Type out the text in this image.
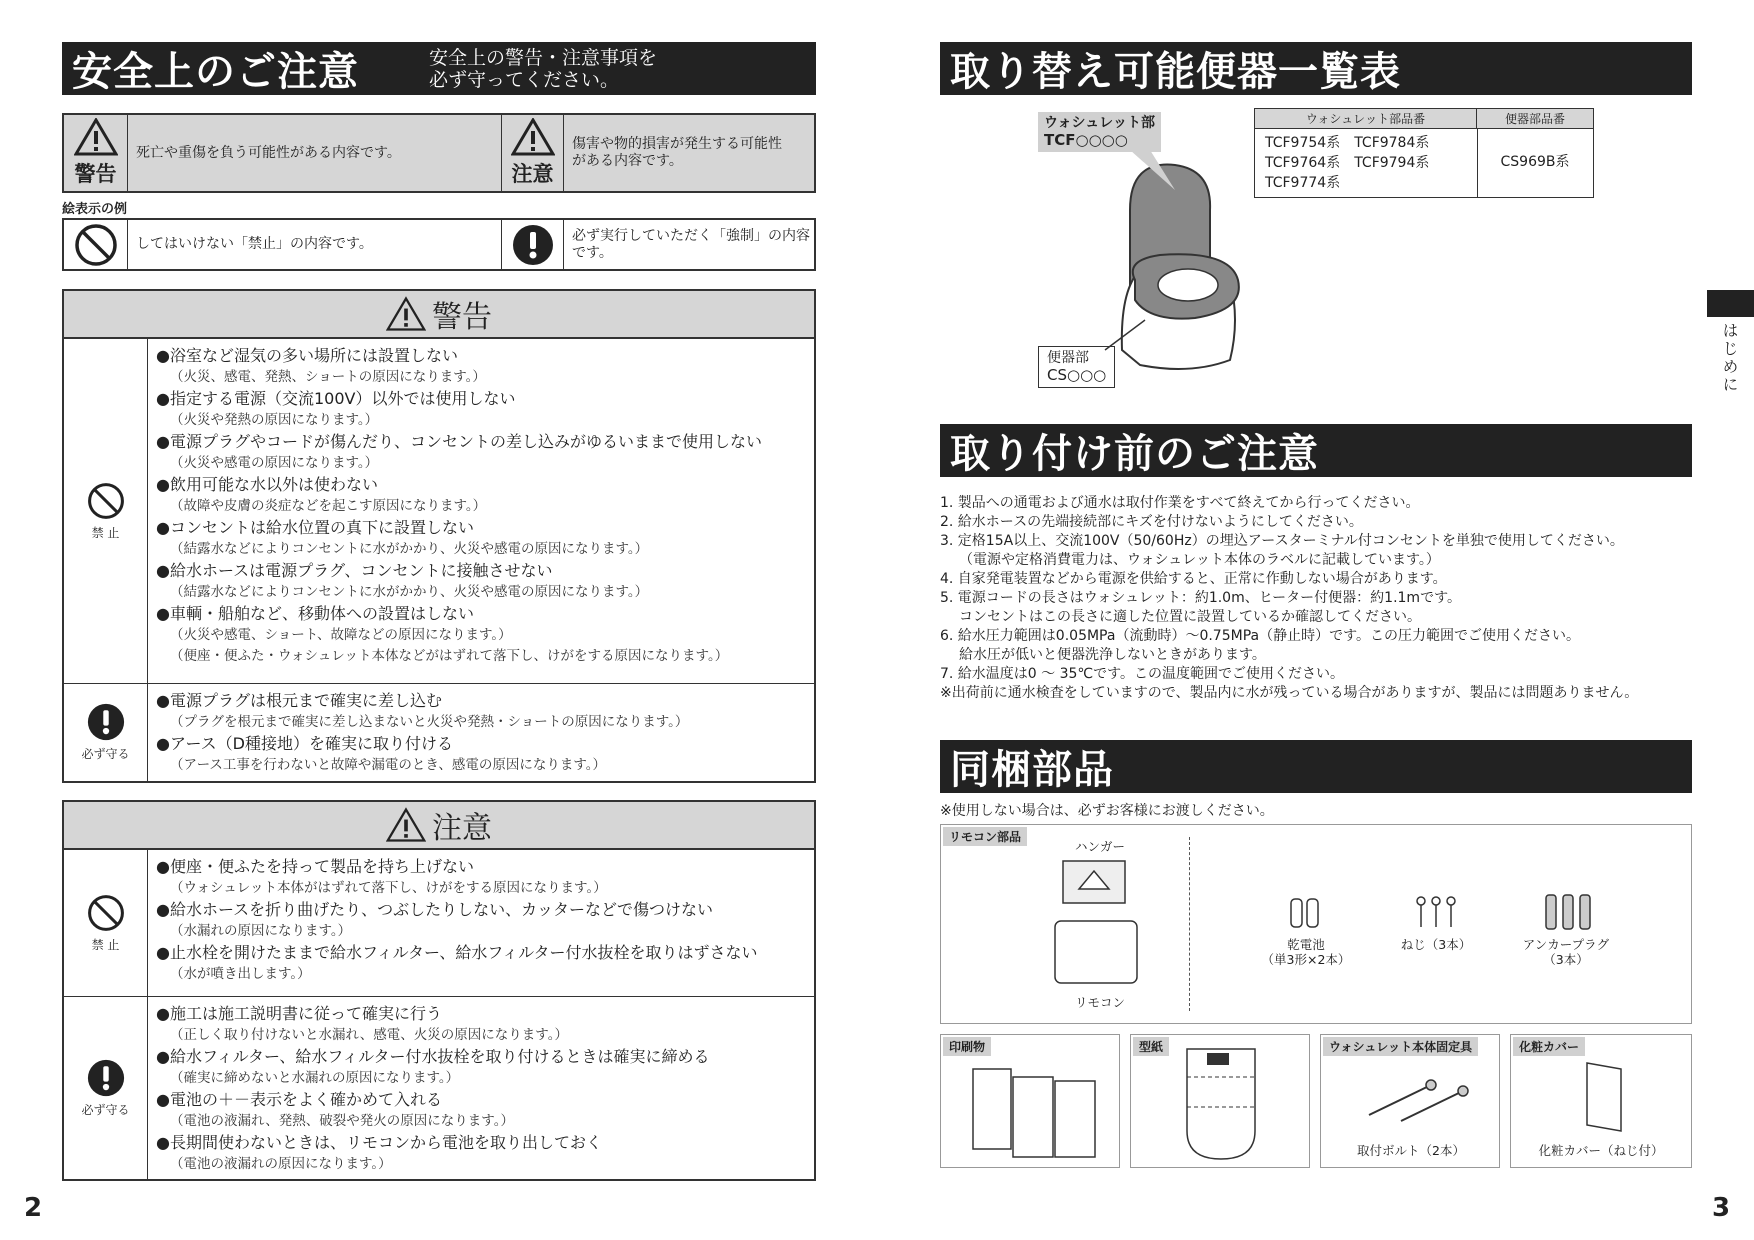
安全上のご注意	安全上の警告・注意事項を
必ず守ってください。
警告
死亡や重傷を負う可能性がある内容です。
注意
傷害や物的損害が発生する可能性がある内容です。
絵表示の例
してはいけない「禁止」の内容です。
必ず実行していただく「強制」の内容です。
警告
禁 止
●浴室など湿気の多い場所には設置しない
（火災、感電、発熱、ショートの原因になります。）
●指定する電源（交流100V）以外では使用しない
（火災や発熱の原因になります。）
●電源プラグやコードが傷んだり、コンセントの差し込みがゆるいままで使用しない
（火災や感電の原因になります。）
●飲用可能な水以外は使わない
（故障や皮膚の炎症などを起こす原因になります。）
●コンセントは給水位置の真下に設置しない
（結露水などによりコンセントに水がかかり、火災や感電の原因になります。）
●給水ホースは電源プラグ、コンセントに接触させない
（結露水などによりコンセントに水がかかり、火災や感電の原因になります。）
●車輌・船舶など、移動体への設置はしない
（火災や感電、ショート、故障などの原因になります。）
（便座・便ふた・ウォシュレット本体などがはずれて落下し、けがをする原因になります。）
必ず守る
●電源プラグは根元まで確実に差し込む
（プラグを根元まで確実に差し込まないと火災や発熱・ショートの原因になります。）
●アース（D種接地）を確実に取り付ける
（アース工事を行わないと故障や漏電のとき、感電の原因になります。）
注意
禁 止
●便座・便ふたを持って製品を持ち上げない
（ウォシュレット本体がはずれて落下し、けがをする原因になります。）
●給水ホースを折り曲げたり、つぶしたりしない、カッターなどで傷つけない
（水漏れの原因になります。）
●止水栓を開けたままで給水フィルター、給水フィルター付水抜栓を取りはずさない
（水が噴き出します。）
必ず守る
●施工は施工説明書に従って確実に行う
（正しく取り付けないと水漏れ、感電、火災の原因になります。）
●給水フィルター、給水フィルター付水抜栓を取り付けるときは確実に締める
（確実に締めないと水漏れの原因になります。）
●電池の＋－表示をよく確かめて入れる
（電池の液漏れ、発熱、破裂や発火の原因になります。）
●長期間使わないときは、リモコンから電池を取り出しておく
（電池の液漏れの原因になります。）
2
取り替え可能便器一覧表
ウォシュレット部
TCF○○○○
便器部
CS○○○
ウォシュレット部品番	便器部品番
TCF9754系　TCF9784系
TCF9764系　TCF9794系
TCF9774系
CS969B系
はじめに
取り付け前のご注意
1. 製品への通電および通水は取付作業をすべて終えてから行ってください。
2. 給水ホースの先端接続部にキズを付けないようにしてください。
3. 定格15A以上、交流100V（50/60Hz）の埋込アースターミナル付コンセントを単独で使用してください。
（電源や定格消費電力は、ウォシュレット本体のラベルに記載しています。）
4. 自家発電装置などから電源を供給すると、正常に作動しない場合があります。
5. 電源コードの長さはウォシュレット：約1.0m、ヒーター付便器：約1.1mです。
コンセントはこの長さに適した位置に設置しているか確認してください。
6. 給水圧力範囲は0.05MPa（流動時）～0.75MPa（静止時）です。この圧力範囲でご使用ください。
給水圧が低いと便器洗浄しないときがあります。
7. 給水温度は0 ～ 35℃です。この温度範囲でご使用ください。
※出荷前に通水検査をしていますので、製品内に水が残っている場合がありますが、製品には問題ありません。
同梱部品
※使用しない場合は、必ずお客様にお渡しください。
リモコン部品
ハンガー
リモコン
乾電池
（単3形×2本）
ねじ（3本）	アンカープラグ
（3本）
印刷物	型紙	ウォシュレット本体固定具
取付ボルト（2本）
化粧カバー
化粧カバー（ねじ付）
3
